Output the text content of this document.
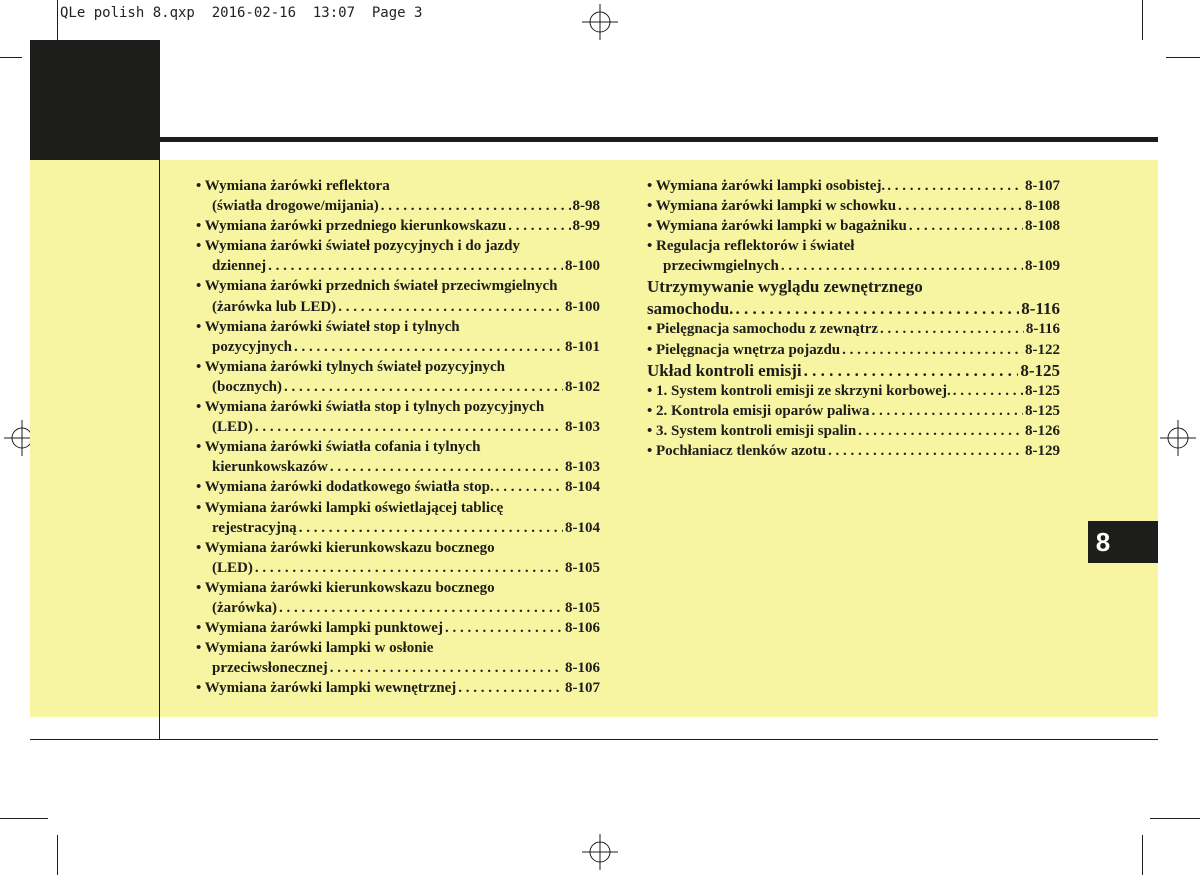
QLe polish 8.qxp  2016-02-16  13:07  Page 3
8
• Wymiana żarówki reflektora
(światła drogowe/mijania) . . .	8-98
• Wymiana żarówki przedniego kierunkowskazu . . .	8-99
• Wymiana żarówki świateł pozycyjnych i do jazdy
dziennej . . .	8-100
• Wymiana żarówki przednich świateł przeciwmgielnych
(żarówka lub LED) . . .	8-100
• Wymiana żarówki świateł stop i tylnych
pozycyjnych . . .	8-101
• Wymiana żarówki tylnych świateł pozycyjnych
(bocznych) . . .	8-102
• Wymiana żarówki światła stop i tylnych pozycyjnych
(LED) . . .	8-103
• Wymiana żarówki światła cofania i tylnych
kierunkowskazów . . .	8-103
• Wymiana żarówki dodatkowego światła stop. . . .	8-104
• Wymiana żarówki lampki oświetlającej tablicę
rejestracyjną . . .	8-104
• Wymiana żarówki kierunkowskazu bocznego
(LED) . . .	8-105
• Wymiana żarówki kierunkowskazu bocznego
(żarówka) . . .	8-105
• Wymiana żarówki lampki punktowej . . .	8-106
• Wymiana żarówki lampki w osłonie
przeciwsłonecznej . . .	8-106
• Wymiana żarówki lampki wewnętrznej . . .	8-107
• Wymiana żarówki lampki osobistej. . . .	8-107
• Wymiana żarówki lampki w schowku . . .	8-108
• Wymiana żarówki lampki w bagażniku . . .	8-108
• Regulacja reflektorów i świateł
przeciwmgielnych . . .	8-109
Utrzymywanie wyglądu zewnętrznego
samochodu. . . .	8-116
• Pielęgnacja samochodu z zewnątrz . . .	8-116
• Pielęgnacja wnętrza pojazdu . . .	8-122
Układ kontroli emisji . . .	8-125
• 1. System kontroli emisji ze skrzyni korbowej. . . .	8-125
• 2. Kontrola emisji oparów paliwa . . .	8-125
• 3. System kontroli emisji spalin . . .	8-126
• Pochłaniacz tlenków azotu . . .	8-129
